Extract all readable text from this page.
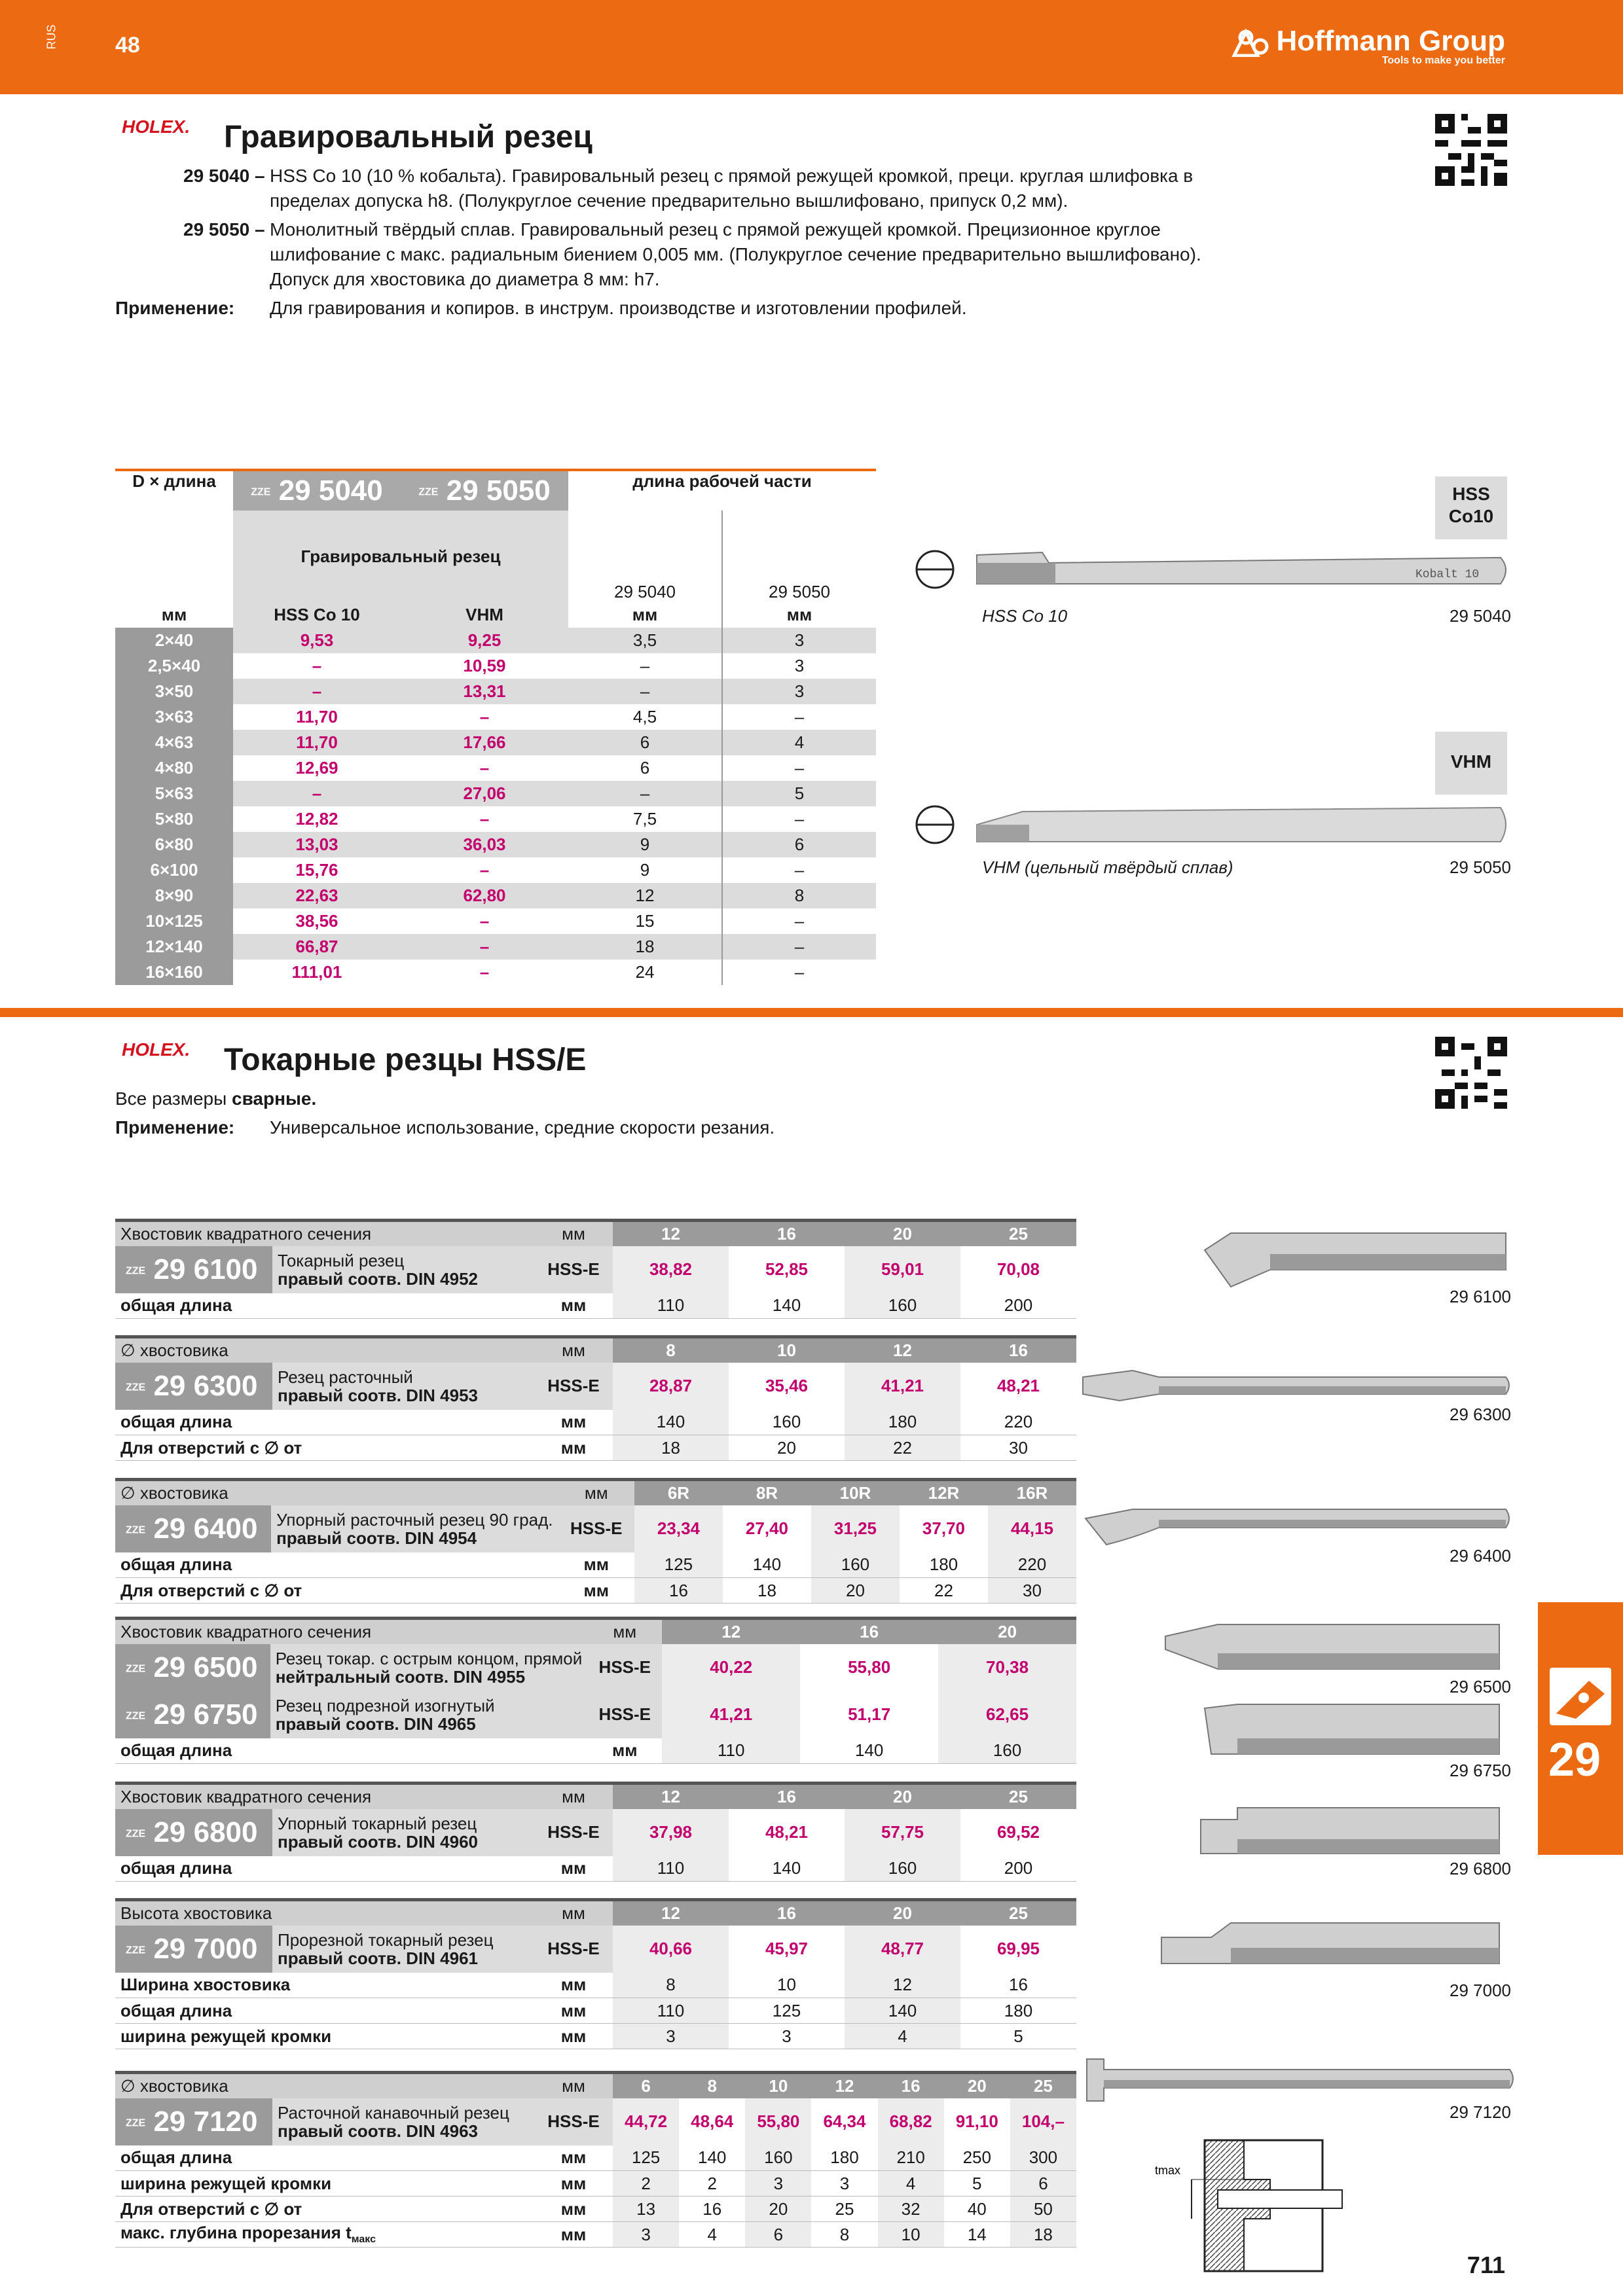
RUS	48	Hoffmann Group
Tools to make you better
HOLEX. Гравировальный резец
29 5040 – HSS Co 10 (10 % кобальта). Гравировальный резец с прямой режущей кромкой, преци. круглая шлифовка в пределах допуска h8. (Полукруглое сечение предварительно вышлифовано, припуск 0,2 мм).
29 5050 – Монолитный твёрдый сплав. Гравировальный резец с прямой режущей кромкой. Прецизионное круглое шлифование с макс. радиальным биением 0,005 мм. (Полукруглое сечение предварительно вышлифовано). Допуск для хвостовика до диаметра 8 мм: h7.
Применение: Для гравирования и копиров. в инструм. производстве и изготовлении профилей.
D × длина	ZZE 29 5040	ZZE 29 5050	длина рабочей части	
	Гравировальный резец		29 5040	29 5050
мм	HSS Co 10	VHM	мм	мм
2×40	9,53	9,25	3,5	3
2,5×40	–	10,59	–	3
3×50	–	13,31	–	3
3×63	11,70	–	4,5	–
4×63	11,70	17,66	6	4
4×80	12,69	–	6	–
5×63	–	27,06	–	5
5×80	12,82	–	7,5	–
6×80	13,03	36,03	9	6
6×100	15,76	–	9	–
8×90	22,63	62,80	12	8
10×125	38,56	–	15	–
12×140	66,87	–	18	–
16×160	111,01	–	24	–
HSS Co10
Kobalt 10
HSS Co 10	29 5040
VHM
VHM (цельный твёрдый сплав)	29 5050
HOLEX. Токарные резцы HSS/E
Все размеры сварные.
Применение: Универсальное использование, средние скорости резания.
Хвостовик квадратного сечения		мм	12	16	20	25
ZZE 29 6100	Токарный резец
правый соотв. DIN 4952	HSS-E	38,82	52,85	59,01	70,08
общая длина		мм	110	140	160	200
∅ хвостовика		мм	8	10	12	16
ZZE 29 6300	Резец расточный
правый соотв. DIN 4953	HSS-E	28,87	35,46	41,21	48,21
общая длина		мм	140	160	180	220
Для отверстий с ∅ от		мм	18	20	22	30
∅ хвостовика		мм	6R	8R	10R	12R	16R
ZZE 29 6400	Упорный расточный резец 90 град.
правый соотв. DIN 4954	HSS-E	23,34	27,40	31,25	37,70	44,15
общая длина		мм	125	140	160	180	220
Для отверстий с ∅ от		мм	16	18	20	22	30
Хвостовик квадратного сечения		мм	12	16	20
ZZE 29 6500	Резец токар. с острым концом, прямой
нейтральный соотв. DIN 4955	HSS-E	40,22	55,80	70,38
ZZE 29 6750	Резец подрезной изогнутый
правый соотв. DIN 4965	HSS-E	41,21	51,17	62,65
общая длина		мм	110	140	160
Хвостовик квадратного сечения		мм	12	16	20	25
ZZE 29 6800	Упорный токарный резец
правый соотв. DIN 4960	HSS-E	37,98	48,21	57,75	69,52
общая длина		мм	110	140	160	200
Высота хвостовика		мм	12	16	20	25
ZZE 29 7000	Прорезной токарный резец
правый соотв. DIN 4961	HSS-E	40,66	45,97	48,77	69,95
Ширина хвостовика		мм	8	10	12	16
общая длина		мм	110	125	140	180
ширина режущей кромки		мм	3	3	4	5
∅ хвостовика		мм	6	8	10	12	16	20	25
ZZE 29 7120	Расточной канавочный резец
правый соотв. DIN 4963	HSS-E	44,72	48,64	55,80	64,34	68,82	91,10	104,–
общая длина		мм	125	140	160	180	210	250	300
ширина режущей кромки		мм	2	2	3	3	4	5	6
Для отверстий с ∅ от		мм	13	16	20	25	32	40	50
макс. глубина прорезания $t_{макс}$		мм	3	4	6	8	10	14	18
29 6100
29 6300
29 6400
29 6500
29 6750
29 6800
29 7000
29 7120
tmax
29
711
